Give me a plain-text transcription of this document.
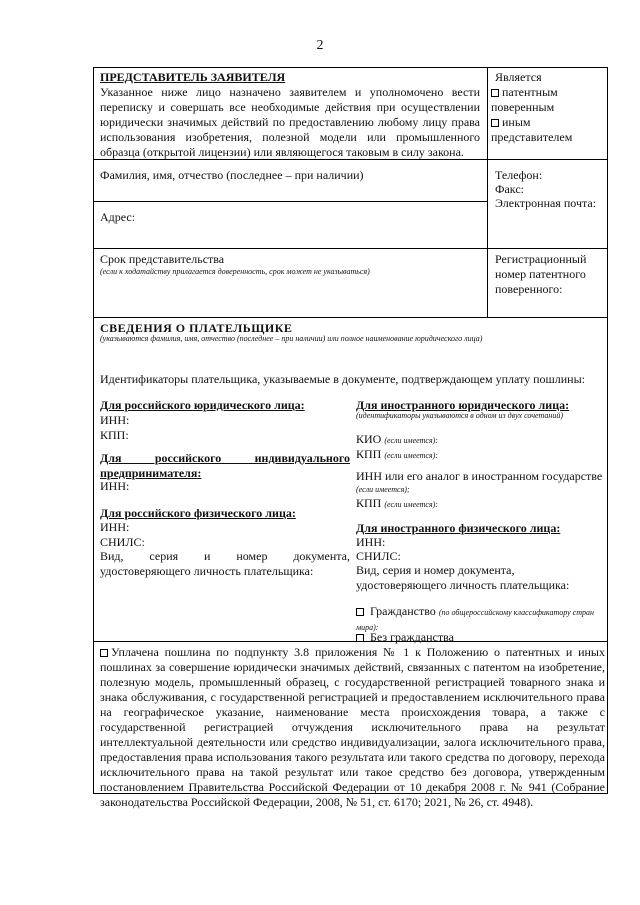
2
ПРЕДСТАВИТЕЛЬ ЗАЯВИТЕЛЯ
Указанное ниже лицо назначено заявителем и уполномочено вести переписку и совершать все необходимые действия при осуществлении юридически значимых действий по предоставлению любому лицу права использования изобретения, полезной модели или промышленного образца (открытой лицензии) или являющегося таковым в силу закона.
Является
патентным поверенным
иным представителем
Фамилия, имя, отчество (последнее – при наличии)	Телефон:
Факс:
Электронная почта:
Адрес:
Срок представительства
(если к ходатайству прилагается доверенность, срок может не указываться)
Регистрационный номер патентного поверенного:
СВЕДЕНИЯ О ПЛАТЕЛЬЩИКЕ
(указываются фамилия, имя, отчество (последнее – при наличии) или полное наименование юридического лица)
Идентификаторы плательщика, указываемые в документе, подтверждающем уплату пошлины:
Для российского юридического лица:
ИНН:
КПП:
Для российского индивидуального предпринимателя:
ИНН:
Для российского физического лица:
ИНН:
СНИЛС:
Вид, серия и номер документа, удостоверяющего личность плательщика:
Для иностранного юридического лица:
(идентификаторы указываются в одном из двух сочетаний)
КИО (если имеется):
КПП (если имеется):
ИНН или его аналог в иностранном государстве
(если имеется);
КПП (если имеется):
Для иностранного физического лица:
ИНН:
СНИЛС:
Вид, серия и номер документа, удостоверяющего личность плательщика:
Гражданство (по общероссийскому классификатору стран мира):
Без гражданства
Уплачена пошлина по подпункту 3.8 приложения № 1 к Положению о патентных и иных пошлинах за совершение юридически значимых действий, связанных с патентом на изобретение, полезную модель, промышленный образец, с государственной регистрацией товарного знака и знака обслуживания, с государственной регистрацией и предоставлением исключительного права на географическое указание, наименование места происхождения товара, а также с государственной регистрацией отчуждения исключительного права на результат интеллектуальной деятельности или средство индивидуализации, залога исключительного права, предоставления права использования такого результата или такого средства по договору, перехода исключительного права на такой результат или такое средство без договора, утвержденным постановлением Правительства Российской Федерации от 10 декабря 2008 г. № 941 (Собрание законодательства Российской Федерации, 2008, № 51, ст. 6170; 2021, № 26, ст. 4948).
